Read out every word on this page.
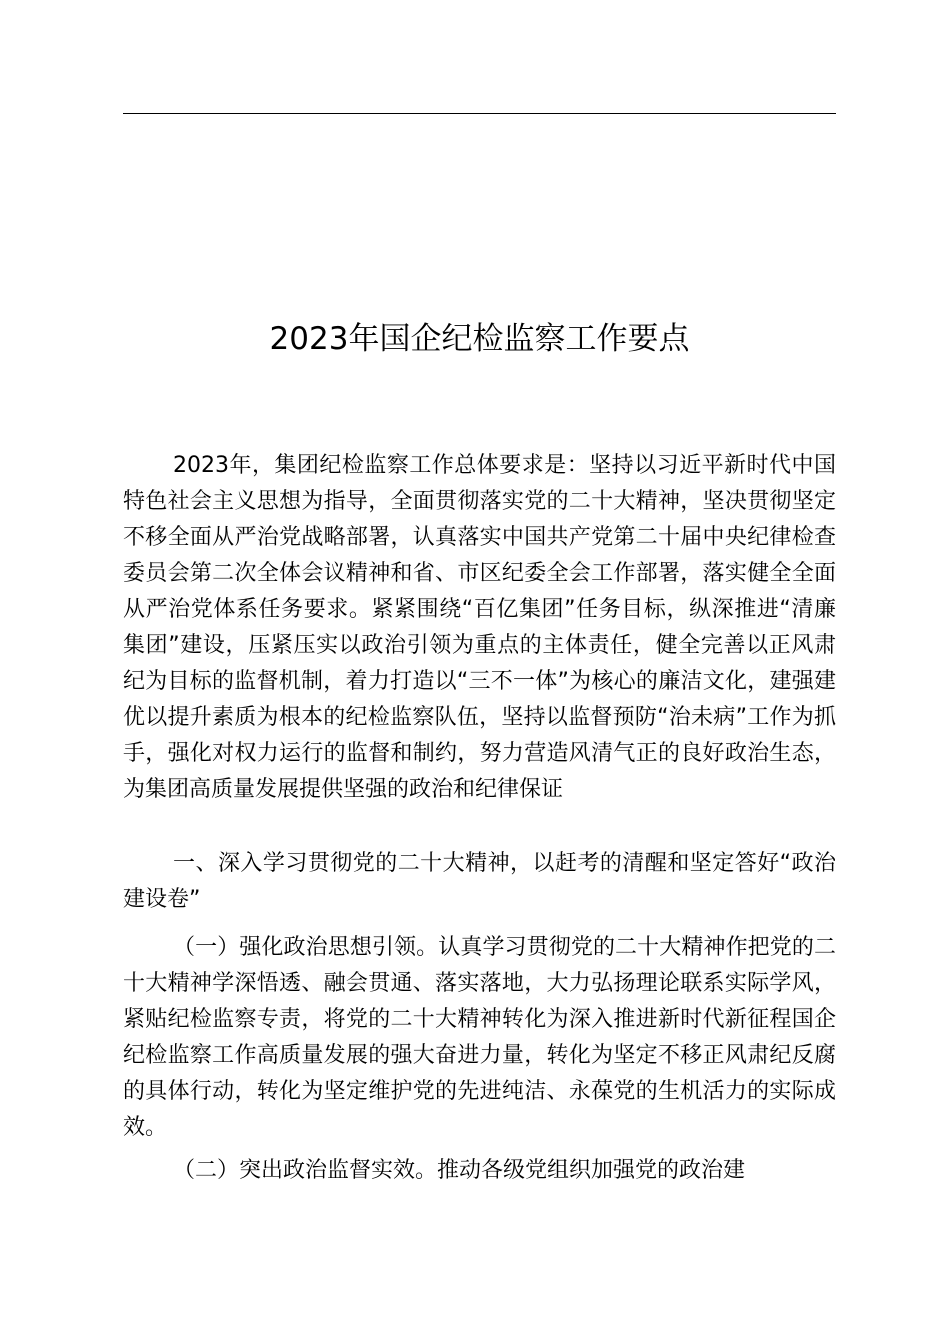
2023年国企纪检监察工作要点

2023年，集团纪检监察工作总体要求是：坚持以习近平新时代中国特色社会主义思想为指导，全面贯彻落实党的二十大精神，坚决贯彻坚定不移全面从严治党战略部署，认真落实中国共产党第二十届中央纪律检查委员会第二次全体会议精神和省、市区纪委全会工作部署，落实健全全面从严治党体系任务要求。紧紧围绕“百亿集团”任务目标，纵深推进“清廉集团”建设，压紧压实以政治引领为重点的主体责任，健全完善以正风肃纪为目标的监督机制，着力打造以“三不一体”为核心的廉洁文化，建强建优以提升素质为根本的纪检监察队伍，坚持以监督预防“治未病”工作为抓手，强化对权力运行的监督和制约，努力营造风清气正的良好政治生态，为集团高质量发展提供坚强的政治和纪律保证

一、深入学习贯彻党的二十大精神，以赶考的清醒和坚定答好“政治建设卷”

（一）强化政治思想引领。认真学习贯彻党的二十大精神作把党的二十大精神学深悟透、融会贯通、落实落地，大力弘扬理论联系实际学风，紧贴纪检监察专责，将党的二十大精神转化为深入推进新时代新征程国企纪检监察工作高质量发展的强大奋进力量，转化为坚定不移正风肃纪反腐的具体行动，转化为坚定维护党的先进纯洁、永葆党的生机活力的实际成效。

（二）突出政治监督实效。推动各级党组织加强党的政治建
